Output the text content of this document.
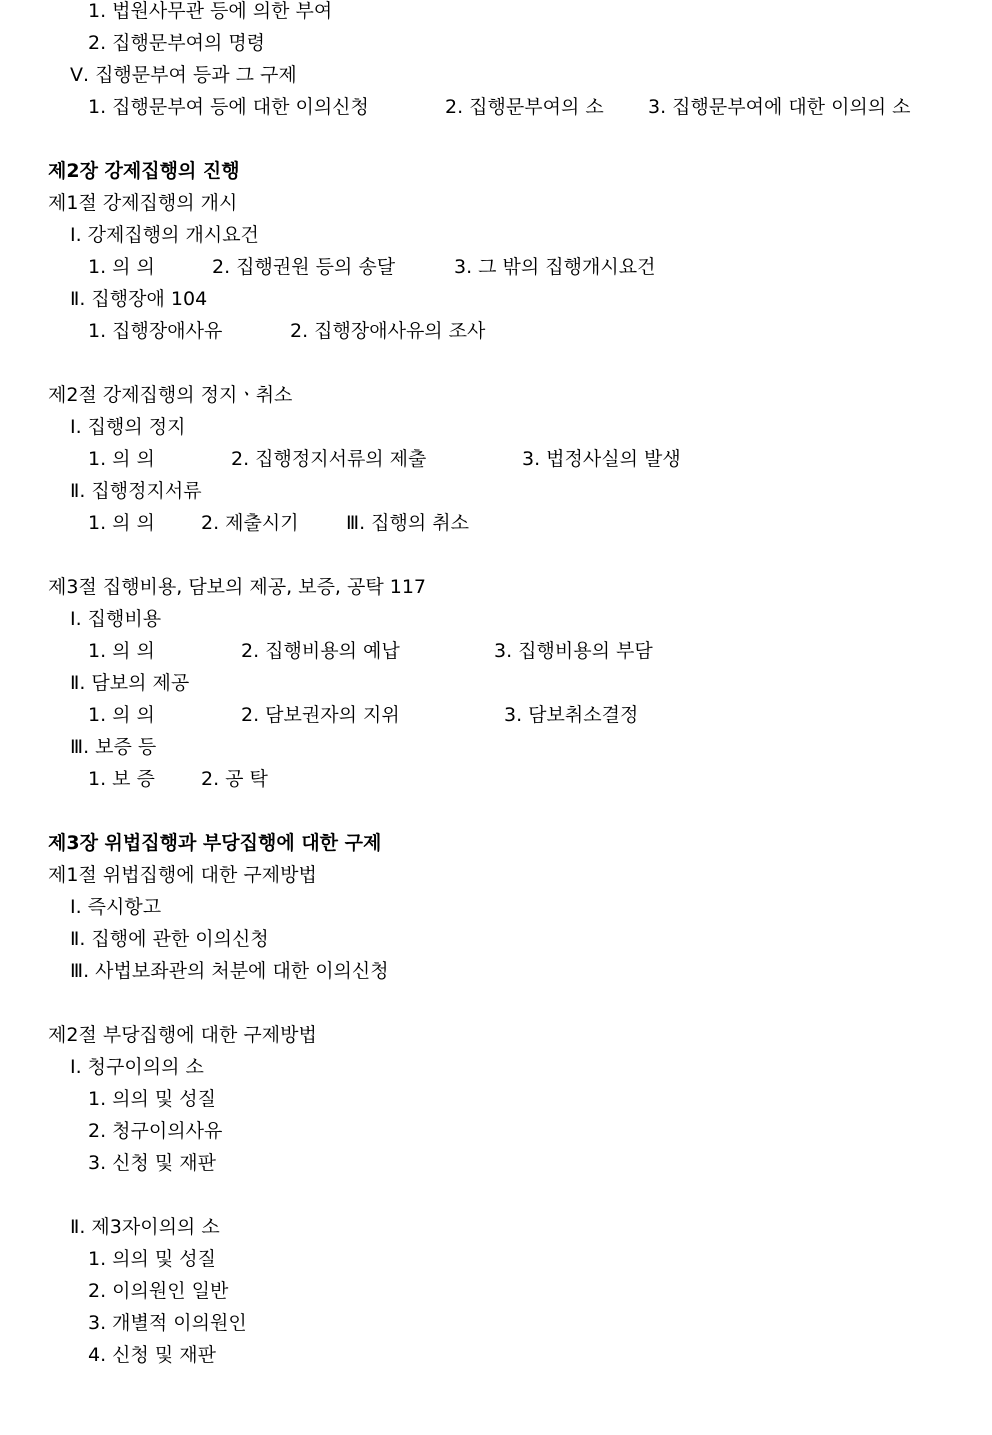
1. 법원사무관 등에 의한 부여

2. 집행문부여의 명령

Ⅴ. 집행문부여 등과 그 구제

1. 집행문부여 등에 대한 이의신청

	2. 집행문부여의 소

3. 집행문부여에 대한 이의의 소

제2장 강제집행의 진행

제1절 강제집행의 개시

Ⅰ. 강제집행의 개시요건

1. 의 의

	2. 집행권원 등의 송달

	3. 그 밖의 집행개시요건

Ⅱ. 집행장애 104

1. 집행장애사유

	2. 집행장애사유의 조사

제2절 강제집행의 정지ㆍ취소

Ⅰ. 집행의 정지

1. 의 의

	2. 집행정지서류의 제출

	3. 법정사실의 발생

Ⅱ. 집행정지서류

1. 의 의

2. 제출시기

Ⅲ. 집행의 취소

제3절 집행비용, 담보의 제공, 보증, 공탁 117

Ⅰ. 집행비용

1. 의 의

	2. 집행비용의 예납

	3. 집행비용의 부담

Ⅱ. 담보의 제공

1. 의 의

	2. 담보권자의 지위

	3. 담보취소결정

Ⅲ. 보증 등

1. 보 증

2. 공 탁

제3장 위법집행과 부당집행에 대한 구제

제1절 위법집행에 대한 구제방법

Ⅰ. 즉시항고

Ⅱ. 집행에 관한 이의신청

Ⅲ. 사법보좌관의 처분에 대한 이의신청

제2절 부당집행에 대한 구제방법

Ⅰ. 청구이의의 소

1. 의의 및 성질

2. 청구이의사유

3. 신청 및 재판

Ⅱ. 제3자이의의 소

1. 의의 및 성질

2. 이의원인 일반

3. 개별적 이의원인

4. 신청 및 재판
